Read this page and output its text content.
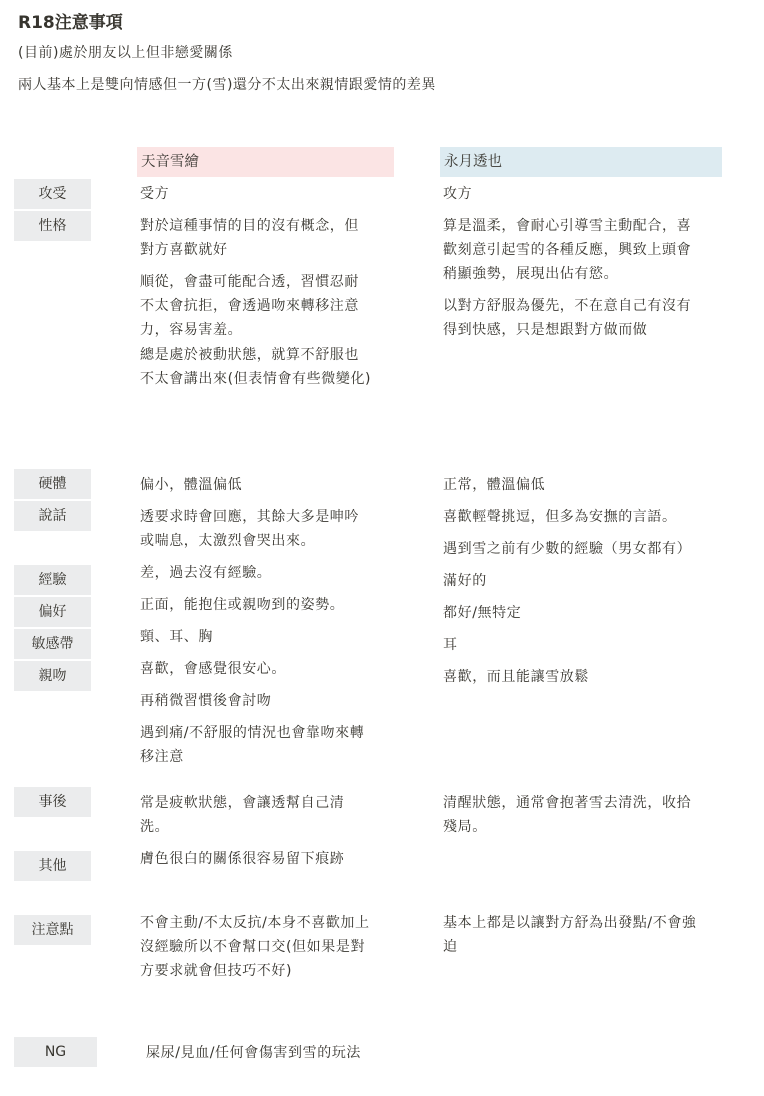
R18注意事項
(目前)處於朋友以上但非戀愛關係
兩人基本上是雙向情感但一方(雪)還分不太出來親情跟愛情的差異
天音雪繪	永月透也
攻受
性格
硬體
說話
經驗
偏好
敏感帶
親吻
事後
其他
注意點
NG
受方
對於這種事情的目的沒有概念，但
對方喜歡就好
順從，會盡可能配合透，習慣忍耐
不太會抗拒，會透過吻來轉移注意
力，容易害羞。
總是處於被動狀態，就算不舒服也
不太會講出來(但表情會有些微變化)
偏小，體溫偏低
透要求時會回應，其餘大多是呻吟
或喘息，太激烈會哭出來。
差，過去沒有經驗。
正面，能抱住或親吻到的姿勢。
頸、耳、胸
喜歡，會感覺很安心。
再稍微習慣後會討吻
遇到痛/不舒服的情況也會靠吻來轉
移注意
常是疲軟狀態，會讓透幫自己清
洗。
膚色很白的關係很容易留下痕跡
不會主動/不太反抗/本身不喜歡加上
沒經驗所以不會幫口交(但如果是對
方要求就會但技巧不好)
屎尿/見血/任何會傷害到雪的玩法
攻方
算是溫柔，會耐心引導雪主動配合，喜
歡刻意引起雪的各種反應，興致上頭會
稍顯強勢，展現出佔有慾。
以對方舒服為優先，不在意自己有沒有
得到快感，只是想跟對方做而做
正常，體溫偏低
喜歡輕聲挑逗，但多為安撫的言語。
遇到雪之前有少數的經驗（男女都有）
滿好的
都好/無特定
耳
喜歡，而且能讓雪放鬆
清醒狀態，通常會抱著雪去清洗，收拾
殘局。
基本上都是以讓對方舒為出發點/不會強
迫
